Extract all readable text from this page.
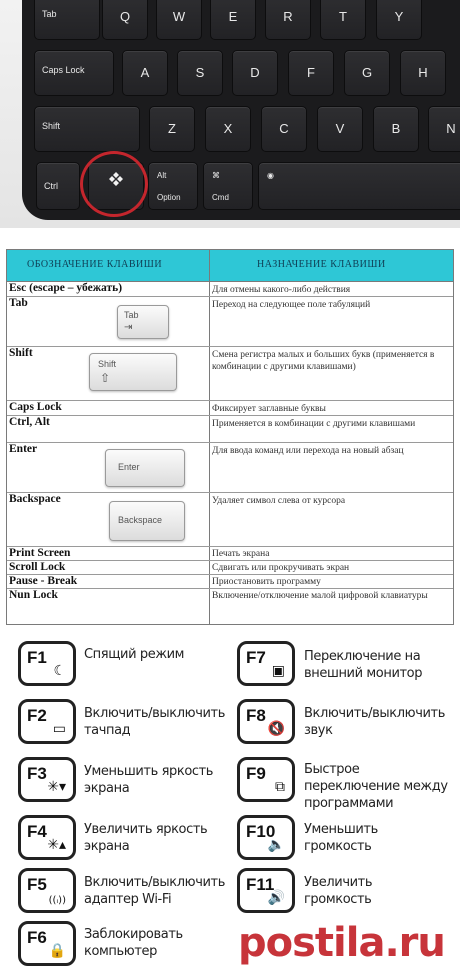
Tab	Q	W	E	R	T	Y
Caps Lock	A	S	D	F	G	H
Shift	Z	X	C	V	B	N
Ctrl
Alt
Option
⌘
Cmd
◉
ОБОЗНАЧЕНИЕ КЛАВИШИ	НАЗНАЧЕНИЕ КЛАВИШИ
Esc (escape – убежать)	Для отмены какого-либо действия
Tab	Переход на следующее поле табуляций
Tab
⇥
Shift	Смена регистра малых и больших букв (применяется в комбинации с другими клавишами)
Shift
⇧
Caps Lock	Фиксирует заглавные буквы
Ctrl, Alt	Применяется в комбинации с другими клавишами
Enter	Для ввода команд или перехода на новый абзац
Enter
Backspace	Удаляет символ слева от курсора
Backspace
Print Screen	Печать экрана
Scroll Lock	Сдвигать или прокручивать экран
Pause - Break	Приостановить программу
Nun Lock	Включение/отключение малой цифровой клавиатуры
F1
☾
Спящий режим
F2
▭
Включить/выключить тачпад
F3
✳▾
Уменьшить яркость экрана
F4
✳▴
Увеличить яркость экрана
F5
((ᵢ))
Включить/выключить адаптер Wi-Fi
F6
🔒
Заблокировать компьютер
F7
▣
Переключение на внешний монитор
F8
🔇
Включить/выключить звук
F9
⧉
Быстрое переключение между программами
F10
🔈
Уменьшить громкость
F11
🔊
Увеличить громкость
postila.ru
